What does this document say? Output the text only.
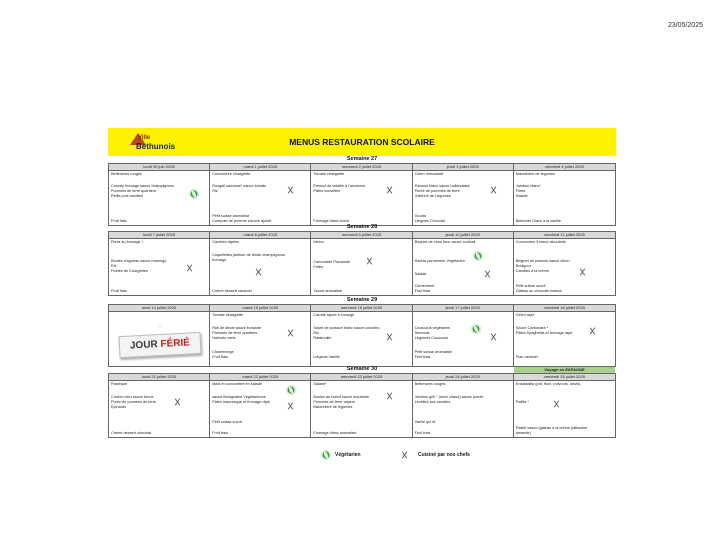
23/05/2025
Ville
Bethunois	MENUS RESTAURATION SCOLAIRE
Semaine 27
lundi 30 juin 2025
Betteraves rouges
Crousty fromage sauce champignons
Pommes de terre quartiers
Petits pois carottes
Fruit frais
mardi 1 juillet 2025
Concombre vinaigrette
Rougail saucisse* sauce tomate
Riz
Petit suisse aromatisé
Compote de pomme s/sucre ajouté
mercredi 2 juillet 2025
Tomate vinaigrette
Emincé de volaille à l'ancienne
Pâtes nouvelles
Fromage blanc sucré
jeudi 3 juillet 2025
Céleri rémoulade
Poisson blanc sauce hollandaise
Purée de pommes de terre
Julienne de Légumes
Gouda
Liégeois Chocolat
vendredi 4 juillet 2025
Macédoine de légumes
Jambon blanc*
Frites
Salade
Batonnet Glacé à la vanille
Semaine 28
lundi 7 juillet 2025
Pizza au fromage \
Boules d'agneau sauce marengo
Riz
Poêlée de Courgettes
Fruit frais
mardi 8 juillet 2025
Carottes râpées
Coquillettes jambon de dinde champignons
fromage
Crème dessert caramel
mercredi 9 juillet 2025
Melon
Carbonade Flamande
Frites
Yaourt aromatisé
jeudi 10 juillet 2025
Briques de chou fleur sauce cocktail
Hachis parmentier Végétarien
Salade
Camembert
Fruit frais
vendredi 11 juillet 2025
Concombre fl blanc ciboulette
Beignet de poisson sauce citron
Boulgour
Carottes à la crème
Petit suisse sucré
Gâteau au chocolat maison
Semaine 29
lundi 14 juillet 2025
JOUR FÉRIÉ
mardi 15 juillet 2025
Tomate vinaigrette
Rôti de dinde sauce échalote
Pommes de terre quartiers
Haricots verts
Chanteneige
Fruit frais
mercredi 16 juillet 2025
Carotte râpée à l'orange
Sauté de poisson blanc sauce colombo
Riz
Ratatouille
Liégeois Vanille
jeudi 17 juillet 2025
Couscous végétarien
Semoule
Légumes Couscous
Petit suisse aromatisé
Fruit frais
vendredi 18 juillet 2025
Céleri râpé
Sauce Carbonara *
Pâtes Spaghettis et fromage râpé
Flan caramel
Semaine 30
lundi 21 juillet 2025
Pastèque
Cordon bleu sauce brune
Purée de pommes de terre
Epinards
Crème dessert chocolat
mardi 22 juillet 2025
Maïs et concombre en salade
sauce Bolognaise Végétarienne
Pâtes mauresque et fromage râpé
Petit suisse sucré
Fruit frais
mercredi 23 juillet 2025
Salami*
Boules au boeuf sauce moutarde
Pommes de terre vapeur
Batonnière de légumes
Fromage blanc aromatisé
jeudi 24 juillet 2025
Betteraves rouges
Jambon grill * (servi chaud) sauce poivre
Lentilles aux carottes
Vache qui rit
Fruit frais
Voyage en ESPAGNE
vendredi 25 juillet 2025
Ensaladilla (pdt, thon, poivrons, oeufs)
Paëlla *
Pastel vasco (gâteau à la crème pâtissière
amande)
Végétarien	Cuisiné par nos chefs
